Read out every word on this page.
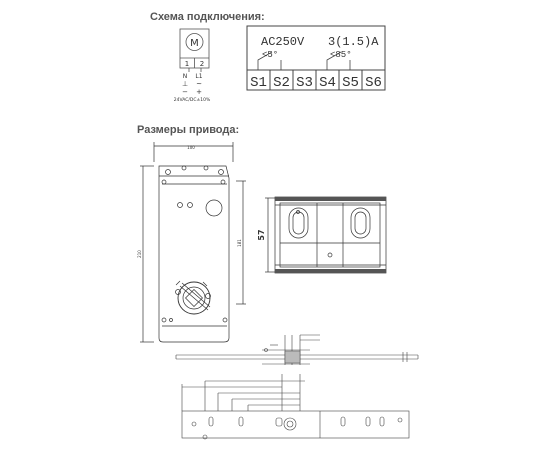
Схема подключения:
Размеры привода:
M
1 2
N L1
⊥ ~
− +
24VAC/DC±10%
AC250V 3(1.5)A
<5°	<85°
S1 S2 S3 S4 S5 S6
100
210
181
57
